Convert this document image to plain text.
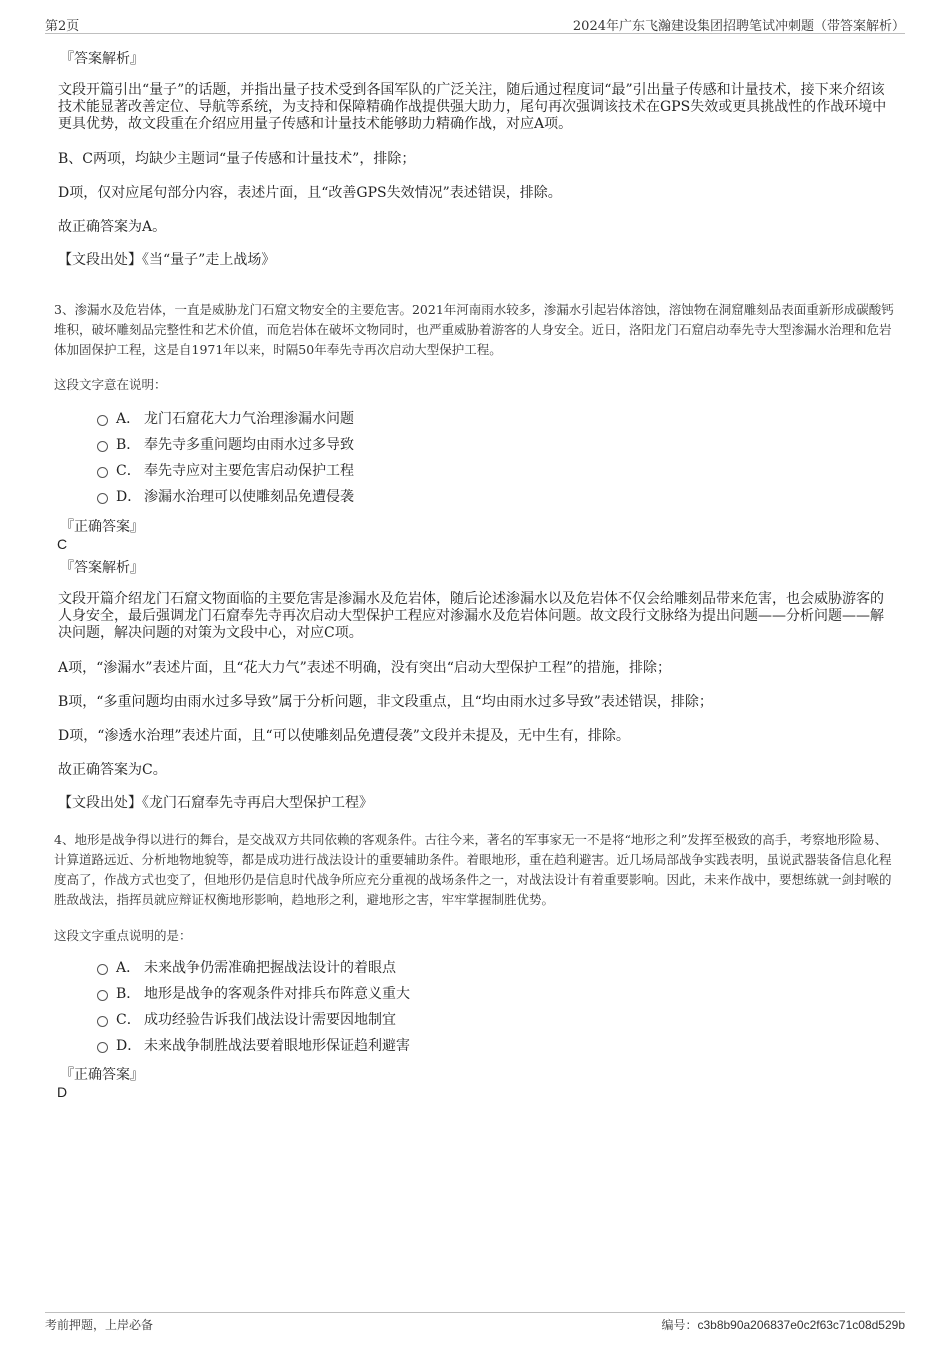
第2页	2024年广东飞瀚建设集团招聘笔试冲刺题（带答案解析）
『答案解析』
文段开篇引出“量子”的话题，并指出量子技术受到各国军队的广泛关注，随后通过程度词“最”引出量子传感和计量技术，接下来介绍该技术能显著改善定位、导航等系统，为支持和保障精确作战提供强大助力，尾句再次强调该技术在GPS失效或更具挑战性的作战环境中更具优势，故文段重在介绍应用量子传感和计量技术能够助力精确作战，对应A项。
B、C两项，均缺少主题词“量子传感和计量技术”，排除；
D项，仅对应尾句部分内容，表述片面，且“改善GPS失效情况”表述错误，排除。
故正确答案为A。
【文段出处】《当“量子”走上战场》
3、渗漏水及危岩体，一直是威胁龙门石窟文物安全的主要危害。2021年河南雨水较多，渗漏水引起岩体溶蚀，溶蚀物在洞窟雕刻品表面重新形成碳酸钙堆积，破坏雕刻品完整性和艺术价值，而危岩体在破坏文物同时，也严重威胁着游客的人身安全。近日，洛阳龙门石窟启动奉先寺大型渗漏水治理和危岩体加固保护工程，这是自1971年以来，时隔50年奉先寺再次启动大型保护工程。
这段文字意在说明：
A． 龙门石窟花大力气治理渗漏水问题
B． 奉先寺多重问题均由雨水过多导致
C． 奉先寺应对主要危害启动保护工程
D． 渗漏水治理可以使雕刻品免遭侵袭
『正确答案』
C
『答案解析』
文段开篇介绍龙门石窟文物面临的主要危害是渗漏水及危岩体，随后论述渗漏水以及危岩体不仅会给雕刻品带来危害，也会威胁游客的人身安全，最后强调龙门石窟奉先寺再次启动大型保护工程应对渗漏水及危岩体问题。故文段行文脉络为提出问题——分析问题——解决问题，解决问题的对策为文段中心，对应C项。
A项，“渗漏水”表述片面，且“花大力气”表述不明确，没有突出“启动大型保护工程”的措施，排除；
B项，“多重问题均由雨水过多导致”属于分析问题，非文段重点，且“均由雨水过多导致”表述错误，排除；
D项，“渗透水治理”表述片面，且“可以使雕刻品免遭侵袭”文段并未提及，无中生有，排除。
故正确答案为C。
【文段出处】《龙门石窟奉先寺再启大型保护工程》
4、地形是战争得以进行的舞台，是交战双方共同依赖的客观条件。古往今来，著名的军事家无一不是将“地形之利”发挥至极致的高手，考察地形险易、计算道路远近、分析地物地貌等，都是成功进行战法设计的重要辅助条件。着眼地形，重在趋利避害。近几场局部战争实践表明，虽说武器装备信息化程度高了，作战方式也变了，但地形仍是信息时代战争所应充分重视的战场条件之一，对战法设计有着重要影响。因此，未来作战中，要想练就一剑封喉的胜敌战法，指挥员就应辩证权衡地形影响，趋地形之利，避地形之害，牢牢掌握制胜优势。
这段文字重点说明的是：
A． 未来战争仍需准确把握战法设计的着眼点
B． 地形是战争的客观条件对排兵布阵意义重大
C． 成功经验告诉我们战法设计需要因地制宜
D． 未来战争制胜战法要着眼地形保证趋利避害
『正确答案』
D
考前押题，上岸必备	编号：c3b8b90a206837e0c2f63c71c08d529b
